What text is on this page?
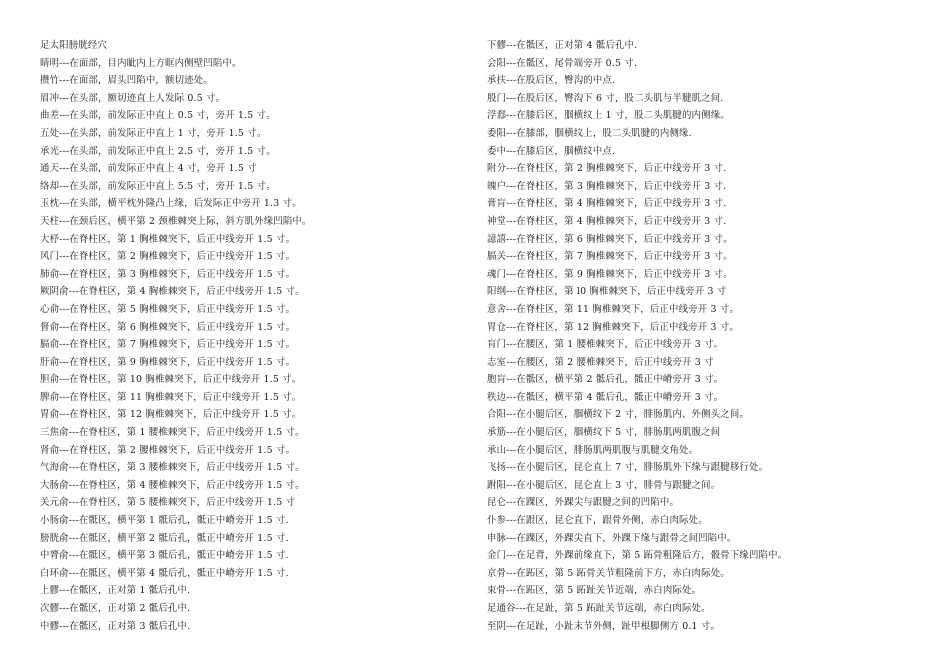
足太阳膀胱经穴
睛明---在面部，目内眦内上方眶内侧壁凹陷中。
攒竹---在面部，眉头凹陷中，额切迹处。
眉冲---在头部，额切迹直上人发际 0.5 寸。
曲差---在头部，前发际正中直上 0.5 寸，旁开 1.5 寸。
五处---在头部，前发际正中直上 1 寸，旁开 1.5 寸。
承光---在头部，前发际正中直上 2.5 寸，旁开 1.5 寸。
通天---在头部，前发际正中直上 4 寸，旁开 1.5 寸
络却---在头部，前发际正中直上 5.5 寸，旁开 1.5 寸。
玉枕---在头部，横平枕外隆凸上缘，后发际正中旁开 1.3 寸。
天柱---在颈后区，横平第 2 颈椎棘突上际，斜方肌外缘凹陷中。
大杼---在脊柱区，第 1 胸椎棘突下，后正中线旁开 1.5 寸。
风门---在脊柱区，第 2 胸椎棘突下，后正中线旁开 1.5 寸。
肺俞---在脊柱区，第 3 胸椎棘突下，后正中线旁开 1.5 寸。
厥阴俞---在脊柱区，第 4 胸椎棘突下，后正中线旁开 1.5 寸。
心俞---在脊柱区，第 5 胸椎棘突下，后正中线旁开 1.5 寸。
督俞---在脊柱区，第 6 胸椎棘突下，后正中线旁开 1.5 寸。
膈俞---在脊柱区，第 7 胸椎棘突下，后正中线旁开 1.5 寸。
肝俞---在脊柱区，第 9 胸椎棘突下，后正中线旁开 1.5 寸。
胆俞---在脊柱区，第 10 胸椎棘突下，后正中线旁开 1.5 寸。
脾俞---在脊柱区，第 11 胸椎棘突下，后正中线旁开 1.5 寸。
胃俞---在脊柱区，第 12 胸椎棘突下，后正中线旁开 1.5 寸。
三焦俞---在脊柱区，第 1 腰椎棘突下，后正中线旁开 1.5 寸。
肾俞---在脊柱区，第 2 腰椎棘突下，后正中线旁开 1.5 寸。
气海俞---在脊柱区，第 3 腰椎棘突下，后正中线旁开 1.5 寸。
大肠俞---在脊柱区，第 4 腰椎棘突下，后正中线旁开 1.5 寸。
关元俞---在脊柱区，第 5 腰椎棘突下，后正中线旁开 1.5 寸
小肠俞---在骶区，横平第 1 骶后孔，骶正中嵴旁开 1.5 寸.
膀胱俞---在骶区，横平第 2 骶后孔，骶正中嵴旁开 1.5 寸.
中膂俞---在骶区，横平第 3 骶后孔，骶正中嵴旁开 1.5 寸.
白环俞---在骶区，横平第 4 骶后孔，骶正中嵴旁开 1.5 寸.
上髎---在骶区，正对第 1 骶后孔中.
次髎---在骶区，正对第 2 骶后孔中.
中髎---在骶区，正对第 3 骶后孔中.
下髎---在骶区，正对第 4 骶后孔中.
会阳---在骶区，尾骨端旁开 0.5 寸.
承扶---在股后区，臀沟的中点.
殷门---在股后区，臀沟下 6 寸，股二头肌与半腱肌之间.
浮郄---在膝后区，腘横纹上 1 寸，股二头肌腱的内侧缘。
委阳---在膝部，腘横纹上，股二头肌腱的内侧缘.
委中---在膝后区，腘横纹中点.
附分---在脊柱区，第 2 胸椎棘突下，后正中线旁开 3 寸.
魄户---在脊柱区，第 3 胸椎棘突下，后正中线旁开 3 寸.
膏肓---在脊柱区，第 4 胸椎棘突下，后正中线旁开 3 寸.
神堂---在脊柱区，第 4 胸椎棘突下，后正中线旁开 3 寸.
譩譆---在脊柱区，第 6 胸椎棘突下，后正中线旁开 3 寸。
膈关---在脊柱区，第 7 胸椎棘突下，后正中线旁开 3 寸。
魂门---在脊柱区，第 9 胸椎棘突下，后正中线旁开 3 寸。
阳纲---在脊柱区，第 l0 胸椎棘突下，后正中线旁开 3 寸
意舍---在脊柱区，第 11 胸椎棘突下，后正中线旁开 3 寸。
胃仓---在脊柱区，第 12 胸椎棘突下，后正中线旁开 3 寸。
肓门---在腰区，第 1 腰椎棘突下，后正中线旁开 3 寸。
志室---在腰区，第 2 腰椎棘突下，后正中线旁开 3 寸
胞肓---在骶区，横平第 2 骶后孔，骶正中嵴旁开 3 寸。
秩边---在骶区，横平第 4 骶后孔，骶正中嵴旁开 3 寸。
合阳---在小腿后区，腘横纹下 2 寸，腓肠肌内、外侧头之间。
承筋---在小腿后区，腘横纹下 5 寸，腓肠肌两肌腹之间
承山---在小腿后区，腓肠肌两肌腹与肌腱交角处。
飞扬---在小腿后区，昆仑直上 7 寸，腓肠肌外下缘与跟腱移行处。
跗阳---在小腿后区，昆仑直上 3 寸，腓骨与跟腱之间。
昆仑---在踝区，外踝尖与跟腱之间的凹陷中。
仆参---在跟区，昆仑直下，跟骨外侧，赤白肉际处。
申脉---在踝区，外踝尖直下，外踝下缘与跟骨之间凹陷中。
金门---在足背，外踝前缘直下，第 5 跖骨粗隆后方，骰骨下缘凹陷中。
京骨---在跖区，第 5 跖骨关节粗隆前下方，赤白肉际处。
束骨---在跖区，第 5 跖趾关节近端，赤白肉际处。
足通谷---在足趾，第 5 跖趾关节远端，赤白肉际处。
至阴---在足趾，小趾末节外侧，趾甲根脚侧方 0.1 寸。
